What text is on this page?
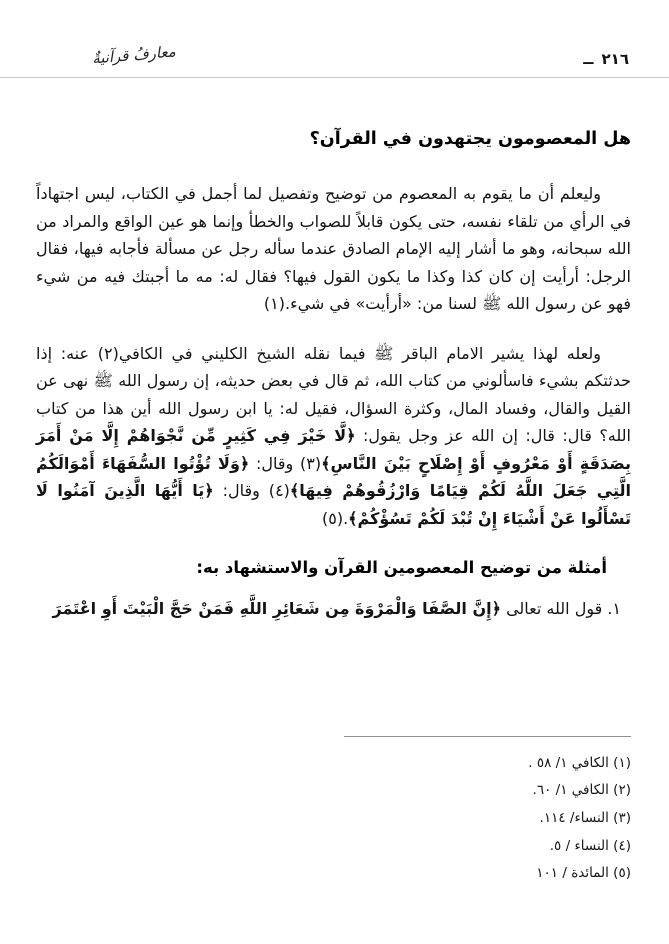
معارفُ قرآنيةٌ	٢١٦
ــ
هل المعصومون يجتهدون في القرآن؟

وليعلم أن ما يقوم به المعصوم من توضيح وتفصيل لما أجمل في الكتاب، ليس اجتهاداً في الرأي من تلقاء نفسه، حتى يكون قابلاً للصواب والخطأ وإنما هو عين الواقع والمراد من الله سبحانه، وهو ما أشار إليه الإمام الصادق عندما سأله رجل عن مسألة فأجابه فيها، فقال الرجل: أرأيت إن كان كذا وكذا ما يكون القول فيها؟ فقال له: مه ما أجبتك فيه من شيء فهو عن رسول الله ﷺ لسنا من: «أرأيت» في شيء.(١)

ولعله لهذا يشير الامام الباقر ﷺ فيما نقله الشيخ الكليني في الكافي(٢) عنه: إذا حدثتكم بشيء فاسألوني من كتاب الله، ثم قال في بعض حديثه، إن رسول الله ﷺ نهى عن القيل والقال، وفساد المال، وكثرة السؤال، فقيل له: يا ابن رسول الله أين هذا من كتاب الله؟ قال: قال: إن الله عز وجل يقول: ﴿لَّا خَيْرَ فِي كَثِيرٍ مِّن نَّجْوَاهُمْ إِلَّا مَنْ أَمَرَ بِصَدَقَةٍ أَوْ مَعْرُوفٍ أَوْ إِصْلَاحٍ بَيْنَ النَّاسِ﴾(٣) وقال: ﴿وَلَا تُؤْتُوا السُّفَهَاءَ أَمْوَالَكُمُ الَّتِي جَعَلَ اللَّهُ لَكُمْ قِيَامًا وَارْزُقُوهُمْ فِيهَا﴾(٤) وقال: ﴿يَا أَيُّهَا الَّذِينَ آمَنُوا لَا تَسْأَلُوا عَنْ أَشْيَاءَ إِنْ تُبْدَ لَكُمْ تَسُؤْكُمْ﴾.(٥)

أمثلة من توضيح المعصومين القرآن والاستشهاد به:

١. قول الله تعالى ﴿إِنَّ الصَّفَا وَالْمَرْوَةَ مِن شَعَائِرِ اللَّهِ فَمَنْ حَجَّ الْبَيْتَ أَوِ اعْتَمَرَ

(١) الكافي ١/ ٥٨ .
(٢) الكافي ١/ ٦٠.
(٣) النساء/ ١١٤.
(٤) النساء / ٥.
(٥) المائدة / ١٠١
